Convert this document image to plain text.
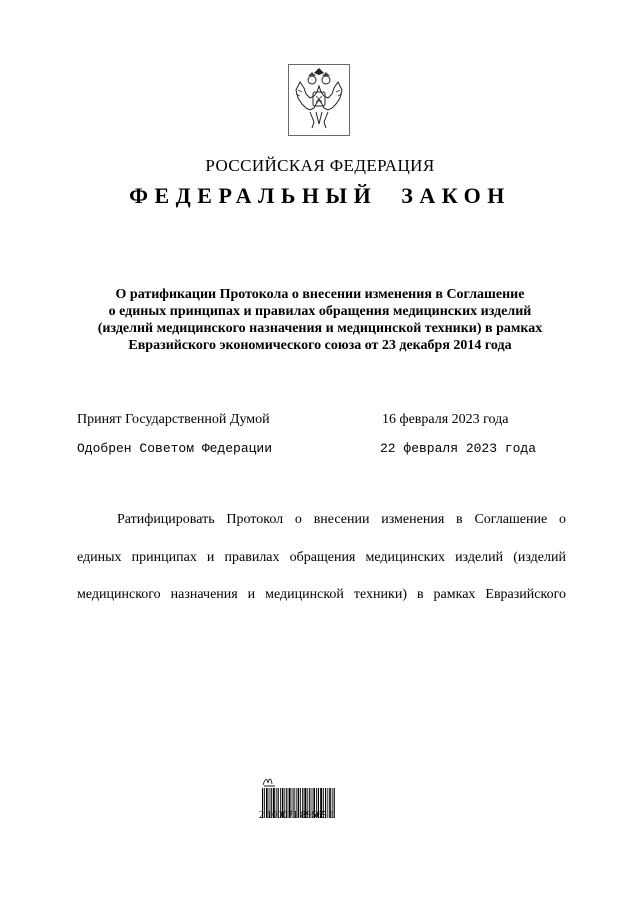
РОССИЙСКАЯ ФЕДЕРАЦИЯ
ФЕДЕРАЛЬНЫЙ ЗАКОН
О ратификации Протокола о внесении изменения в Соглашение
о единых принципах и правилах обращения медицинских изделий
(изделий медицинского назначения и медицинской техники) в рамках
Евразийского экономического союза от 23 декабря 2014 года
Принят Государственной Думой	16 февраля 2023 года
Одобрен Советом Федерации	22 февраля 2023 года
Ратифицировать Протокол о внесении изменения в Соглашение о
единых принципах и правилах обращения медицинских изделий (изделий
медицинского назначения и медицинской техники) в рамках Евразийского
2 100071 89665 1
